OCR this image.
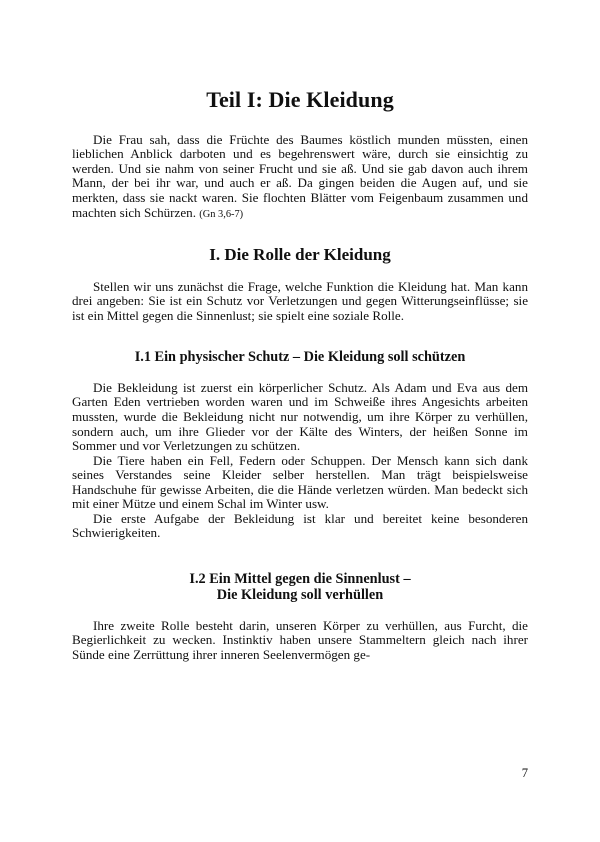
Teil I: Die Kleidung

Die Frau sah, dass die Früchte des Baumes köstlich munden müssten, einen lieblichen Anblick darboten und es begehrenswert wäre, durch sie einsichtig zu werden. Und sie nahm von seiner Frucht und sie aß. Und sie gab davon auch ihrem Mann, der bei ihr war, und auch er aß. Da gingen beiden die Augen auf, und sie merkten, dass sie nackt waren. Sie flochten Blätter vom Feigenbaum zusammen und machten sich Schürzen. (Gn 3,6-7)

I. Die Rolle der Kleidung

Stellen wir uns zunächst die Frage, welche Funktion die Kleidung hat. Man kann drei angeben: Sie ist ein Schutz vor Verletzungen und gegen Witterungseinflüsse; sie ist ein Mittel gegen die Sinnenlust; sie spielt eine soziale Rolle.

I.1 Ein physischer Schutz – Die Kleidung soll schützen

Die Bekleidung ist zuerst ein körperlicher Schutz. Als Adam und Eva aus dem Garten Eden vertrieben worden waren und im Schweiße ihres Angesichts arbeiten mussten, wurde die Bekleidung nicht nur notwendig, um ihre Körper zu verhüllen, sondern auch, um ihre Glieder vor der Kälte des Winters, der heißen Sonne im Sommer und vor Verletzungen zu schützen.

Die Tiere haben ein Fell, Federn oder Schuppen. Der Mensch kann sich dank seines Verstandes seine Kleider selber herstellen. Man trägt beispielsweise Handschuhe für gewisse Arbeiten, die die Hände verletzen würden. Man bedeckt sich mit einer Mütze und einem Schal im Winter usw.

Die erste Aufgabe der Bekleidung ist klar und bereitet keine besonderen Schwierigkeiten.

I.2 Ein Mittel gegen die Sinnenlust –
Die Kleidung soll verhüllen

Ihre zweite Rolle besteht darin, unseren Körper zu verhüllen, aus Furcht, die Begierlichkeit zu wecken. Instinktiv haben unsere Stammeltern gleich nach ihrer Sünde eine Zerrüttung ihrer inneren Seelenvermögen ge-

7
